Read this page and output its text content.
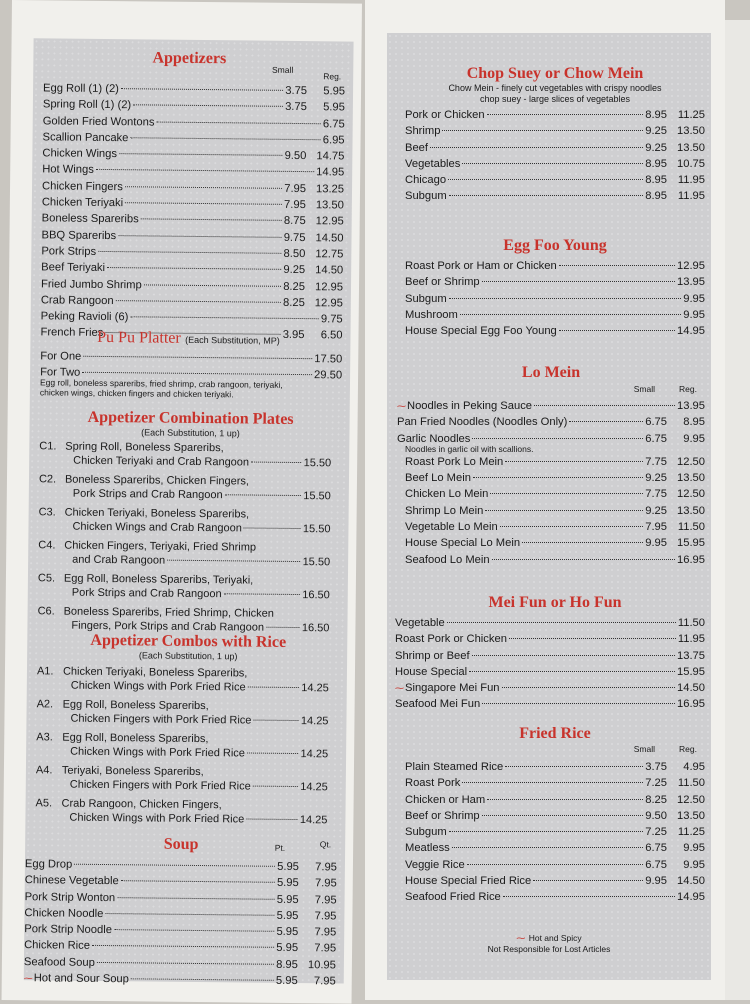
Appetizers
Small
Reg.
Egg Roll (1) (2)	3.75	5.95
Spring Roll (1) (2)	3.75	5.95
Golden Fried Wontons	6.75
Scallion Pancake	6.95
Chicken Wings	9.50 14.75
Hot Wings	14.95
Chicken Fingers	7.95 13.25
Chicken Teriyaki	7.95 13.50
Boneless Spareribs	8.75 12.95
BBQ Spareribs	9.75 14.50
Pork Strips	8.50 12.75
Beef Teriyaki	9.25 14.50
Fried Jumbo Shrimp	8.25 12.95
Crab Rangoon	8.25 12.95
Peking Ravioli (6)	9.75
French Fries	3.95	6.50
Pu Pu Platter (Each Substitution, MP)
For One	17.50
For Two	29.50
Egg roll, boneless spareribs, fried shrimp, crab rangoon, teriyaki,
chicken wings, chicken fingers and chicken teriyaki.
Appetizer Combination Plates
(Each Substitution, 1 up)
C1. Spring Roll, Boneless Spareribs,
Chicken Teriyaki and Crab Rangoon	15.50
C2. Boneless Spareribs, Chicken Fingers,
Pork Strips and Crab Rangoon	15.50
C3. Chicken Teriyaki, Boneless Spareribs,
Chicken Wings and Crab Rangoon	15.50
C4. Chicken Fingers, Teriyaki, Fried Shrimp
and Crab Rangoon	15.50
C5. Egg Roll, Boneless Spareribs, Teriyaki,
Pork Strips and Crab Rangoon	16.50
C6. Boneless Spareribs, Fried Shrimp, Chicken
Fingers, Pork Strips and Crab Rangoon	16.50
Appetizer Combos with Rice
(Each Substitution, 1 up)
A1. Chicken Teriyaki, Boneless Spareribs,
Chicken Wings with Pork Fried Rice	14.25
A2. Egg Roll, Boneless Spareribs,
Chicken Fingers with Pork Fried Rice	14.25
A3. Egg Roll, Boneless Spareribs,
Chicken Wings with Pork Fried Rice	14.25
A4. Teriyaki, Boneless Spareribs,
Chicken Fingers with Pork Fried Rice	14.25
A5. Crab Rangoon, Chicken Fingers,
Chicken Wings with Pork Fried Rice	14.25
Soup	Pt.	Qt.
Egg Drop	5.95	7.95
Chinese Vegetable	5.95	7.95
Pork Strip Wonton	5.95	7.95
Chicken Noodle	5.95	7.95
Pork Strip Noodle	5.95	7.95
Chicken Rice	5.95	7.95
Seafood Soup	8.95 10.95
⁓ Hot and Sour Soup	5.95	7.95
Chop Suey or Chow Mein
Chow Mein - finely cut vegetables with crispy noodles
chop suey - large slices of vegetables
Pork or Chicken	8.95 11.25
Shrimp	9.25 13.50
Beef	9.25 13.50
Vegetables	8.95 10.75
Chicago	8.95 11.95
Subgum	8.95 11.95
Egg Foo Young
Roast Pork or Ham or Chicken	12.95
Beef or Shrimp	13.95
Subgum	9.95
Mushroom	9.95
House Special Egg Foo Young	14.95
Lo Mein
Small	Reg.
⁓ Noodles in Peking Sauce	13.95
Pan Fried Noodles (Noodles Only)	6.75	8.95
Garlic Noodles	6.75	9.95
Noodles in garlic oil with scallions.
Roast Pork Lo Mein	7.75 12.50
Beef Lo Mein	9.25 13.50
Chicken Lo Mein	7.75 12.50
Shrimp Lo Mein	9.25 13.50
Vegetable Lo Mein	7.95 11.50
House Special Lo Mein	9.95 15.95
Seafood Lo Mein	16.95
Mei Fun or Ho Fun
Vegetable	11.50
Roast Pork or Chicken	11.95
Shrimp or Beef	13.75
House Special	15.95
⁓ Singapore Mei Fun	14.50
Seafood Mei Fun	16.95
Fried Rice
Small	Reg.
Plain Steamed Rice	3.75	4.95
Roast Pork	7.25 11.50
Chicken or Ham	8.25 12.50
Beef or Shrimp	9.50 13.50
Subgum	7.25 11.25
Meatless	6.75	9.95
Veggie Rice	6.75	9.95
House Special Fried Rice	9.95 14.50
Seafood Fried Rice	14.95
⁓ Hot and Spicy
Not Responsible for Lost Articles
